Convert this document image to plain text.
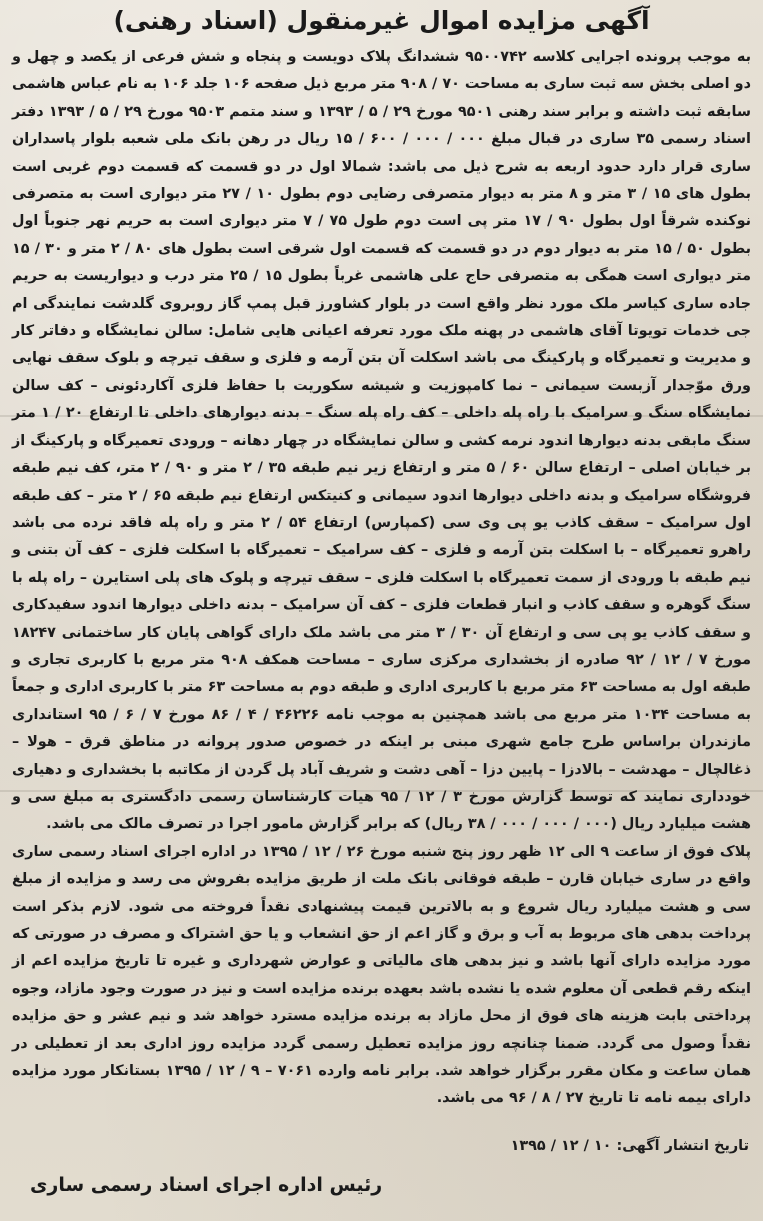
آگهی مزایده اموال غیرمنقول (اسناد رهنی)

به موجب پرونده اجرایی کلاسه ۹۵۰۰۷۴۲ ششدانگ پلاک دویست و پنجاه و شش فرعی از یکصد و چهل و دو اصلی بخش سه ثبت ساری به مساحت ۷۰ / ۹۰۸ متر مربع ذیل صفحه ۱۰۶ جلد ۱۰۶ به نام عباس هاشمی سابقه ثبت داشته و برابر سند رهنی ۹۵۰۱ مورخ ۲۹ / ۵ / ۱۳۹۳ و سند متمم ۹۵۰۳ مورخ ۲۹ / ۵ / ۱۳۹۳ دفتر اسناد رسمی ۳۵ ساری در قبال مبلغ ۰۰۰ / ۰۰۰ / ۶۰۰ / ۱۵ ریال در رهن بانک ملی شعبه بلوار پاسداران ساری قرار دارد حدود اربعه به شرح ذیل می باشد: شمالا اول در دو قسمت که قسمت دوم غربی است بطول های ۱۵ / ۳ متر و ۸ متر به دیوار متصرفی رضایی دوم بطول ۱۰ / ۲۷ متر دیواری است به متصرفی نوکنده شرقاً اول بطول ۹۰ / ۱۷ متر پی است دوم طول ۷۵ / ۷ متر دیواری است به حریم نهر جنوباً اول بطول ۵۰ / ۱۵ متر به دیوار دوم در دو قسمت که قسمت اول شرقی است بطول های ۸۰ / ۲ متر و ۳۰ / ۱۵ متر دیواری است همگی به متصرفی حاج علی هاشمی غرباً بطول ۱۵ / ۲۵ متر درب و دیواریست به حریم جاده ساری کیاسر ملک مورد نظر واقع است در بلوار کشاورز قبل پمپ گاز روبروی گلدشت نمایندگی ام جی خدمات تویوتا آقای هاشمی در پهنه ملک مورد تعرفه اعیانی هایی شامل: سالن نمایشگاه و دفاتر کار و مدیریت و تعمیرگاه و پارکینگ می باشد اسکلت آن بتن آرمه و فلزی و سقف تیرچه و بلوک سقف نهایی ورق موّجدار آزبست سیمانی – نما کامپوزیت و شیشه سکوریت با حفاظ فلزی آکاردئونی – کف سالن نمایشگاه سنگ و سرامیک با راه پله داخلی – کف راه پله سنگ – بدنه دیوارهای داخلی تا ارتفاع ۲۰ / ۱ متر سنگ مابقی بدنه دیوارها اندود نرمه کشی و سالن نمایشگاه در چهار دهانه – ورودی تعمیرگاه و پارکینگ از بر خیابان اصلی – ارتفاع سالن ۶۰ / ۵ متر و ارتفاع زیر نیم طبقه ۳۵ / ۲ متر و ۹۰ / ۲ متر، کف نیم طبقه فروشگاه سرامیک و بدنه داخلی دیوارها اندود سیمانی و کنیتکس ارتفاع نیم طبقه ۶۵ / ۲ متر – کف طبقه اول سرامیک – سقف کاذب یو پی وی سی (کمپارس) ارتفاع ۵۴ / ۲ متر و راه پله فاقد نرده می باشد راهرو تعمیرگاه – با اسکلت بتن آرمه و فلزی – کف سرامیک – تعمیرگاه با اسکلت فلزی – کف آن بتنی و نیم طبقه با ورودی از سمت تعمیرگاه با اسکلت فلزی – سقف تیرچه و پلوک های پلی استایرن – راه پله با سنگ گوهره و سقف کاذب و انبار قطعات فلزی – کف آن سرامیک – بدنه داخلی دیوارها اندود سفیدکاری و سقف کاذب یو پی سی و ارتفاع آن ۳۰ / ۳ متر می باشد ملک دارای گواهی پایان کار ساختمانی ۱۸۲۴۷ مورخ ۷ / ۱۲ / ۹۲ صادره از بخشداری مرکزی ساری – مساحت همکف ۹۰۸ متر مربع با کاربری تجاری و طبقه اول به مساحت ۶۳ متر مربع با کاربری اداری و طبقه دوم به مساحت ۶۳ متر با کاربری اداری و جمعاً به مساحت ۱۰۳۴ متر مربع می باشد همچنین به موجب نامه ۴۶۲۲۶ / ۴ / ۸۶ مورخ ۷ / ۶ / ۹۵ استانداری مازندران براساس طرح جامع شهری مبنی بر اینکه در خصوص صدور پروانه در مناطق قرق – هولا – ذغالچال – مهدشت – بالادزا – پایین دزا – آهی دشت و شریف آباد پل گردن از مکاتبه با بخشداری و دهیاری خودداری نمایند که توسط گزارش مورخ ۳ / ۱۲ / ۹۵ هیات کارشناسان رسمی دادگستری به مبلغ سی و هشت میلیارد ریال (۰۰۰ / ۰۰۰ / ۰۰۰ / ۳۸ ریال) که برابر گزارش مامور اجرا در تصرف مالک می باشد.

پلاک فوق از ساعت ۹ الی ۱۲ ظهر روز پنج شنبه مورخ ۲۶ / ۱۲ / ۱۳۹۵ در اداره اجرای اسناد رسمی ساری واقع در ساری خیابان قارن – طبقه فوقانی بانک ملت از طریق مزایده بفروش می رسد و مزایده از مبلغ سی و هشت میلیارد ریال شروع و به بالاترین قیمت پیشنهادی نقداً فروخته می شود. لازم بذکر است پرداخت بدهی های مربوط به آب و برق و گاز اعم از حق انشعاب و یا حق اشتراک و مصرف در صورتی که مورد مزایده دارای آنها باشد و نیز بدهی های مالیاتی و عوارض شهرداری و غیره تا تاریخ مزایده اعم از اینکه رقم قطعی آن معلوم شده یا نشده باشد بعهده برنده مزایده است و نیز در صورت وجود مازاد، وجوه پرداختی بابت هزینه های فوق از محل مازاد به برنده مزایده مسترد خواهد شد و نیم عشر و حق مزایده نقداً وصول می گردد. ضمنا چنانچه روز مزایده تعطیل رسمی گردد مزایده روز اداری بعد از تعطیلی در همان ساعت و مکان مقرر برگزار خواهد شد. برابر نامه وارده ۷۰۶۱ – ۹ / ۱۲ / ۱۳۹۵ بستانکار مورد مزایده دارای بیمه نامه تا تاریخ ۲۷ / ۸ / ۹۶ می باشد.

تاریخ انتشار آگهی: ۱۰ / ۱۲ / ۱۳۹۵
رئیس اداره اجرای اسناد رسمی ساری
